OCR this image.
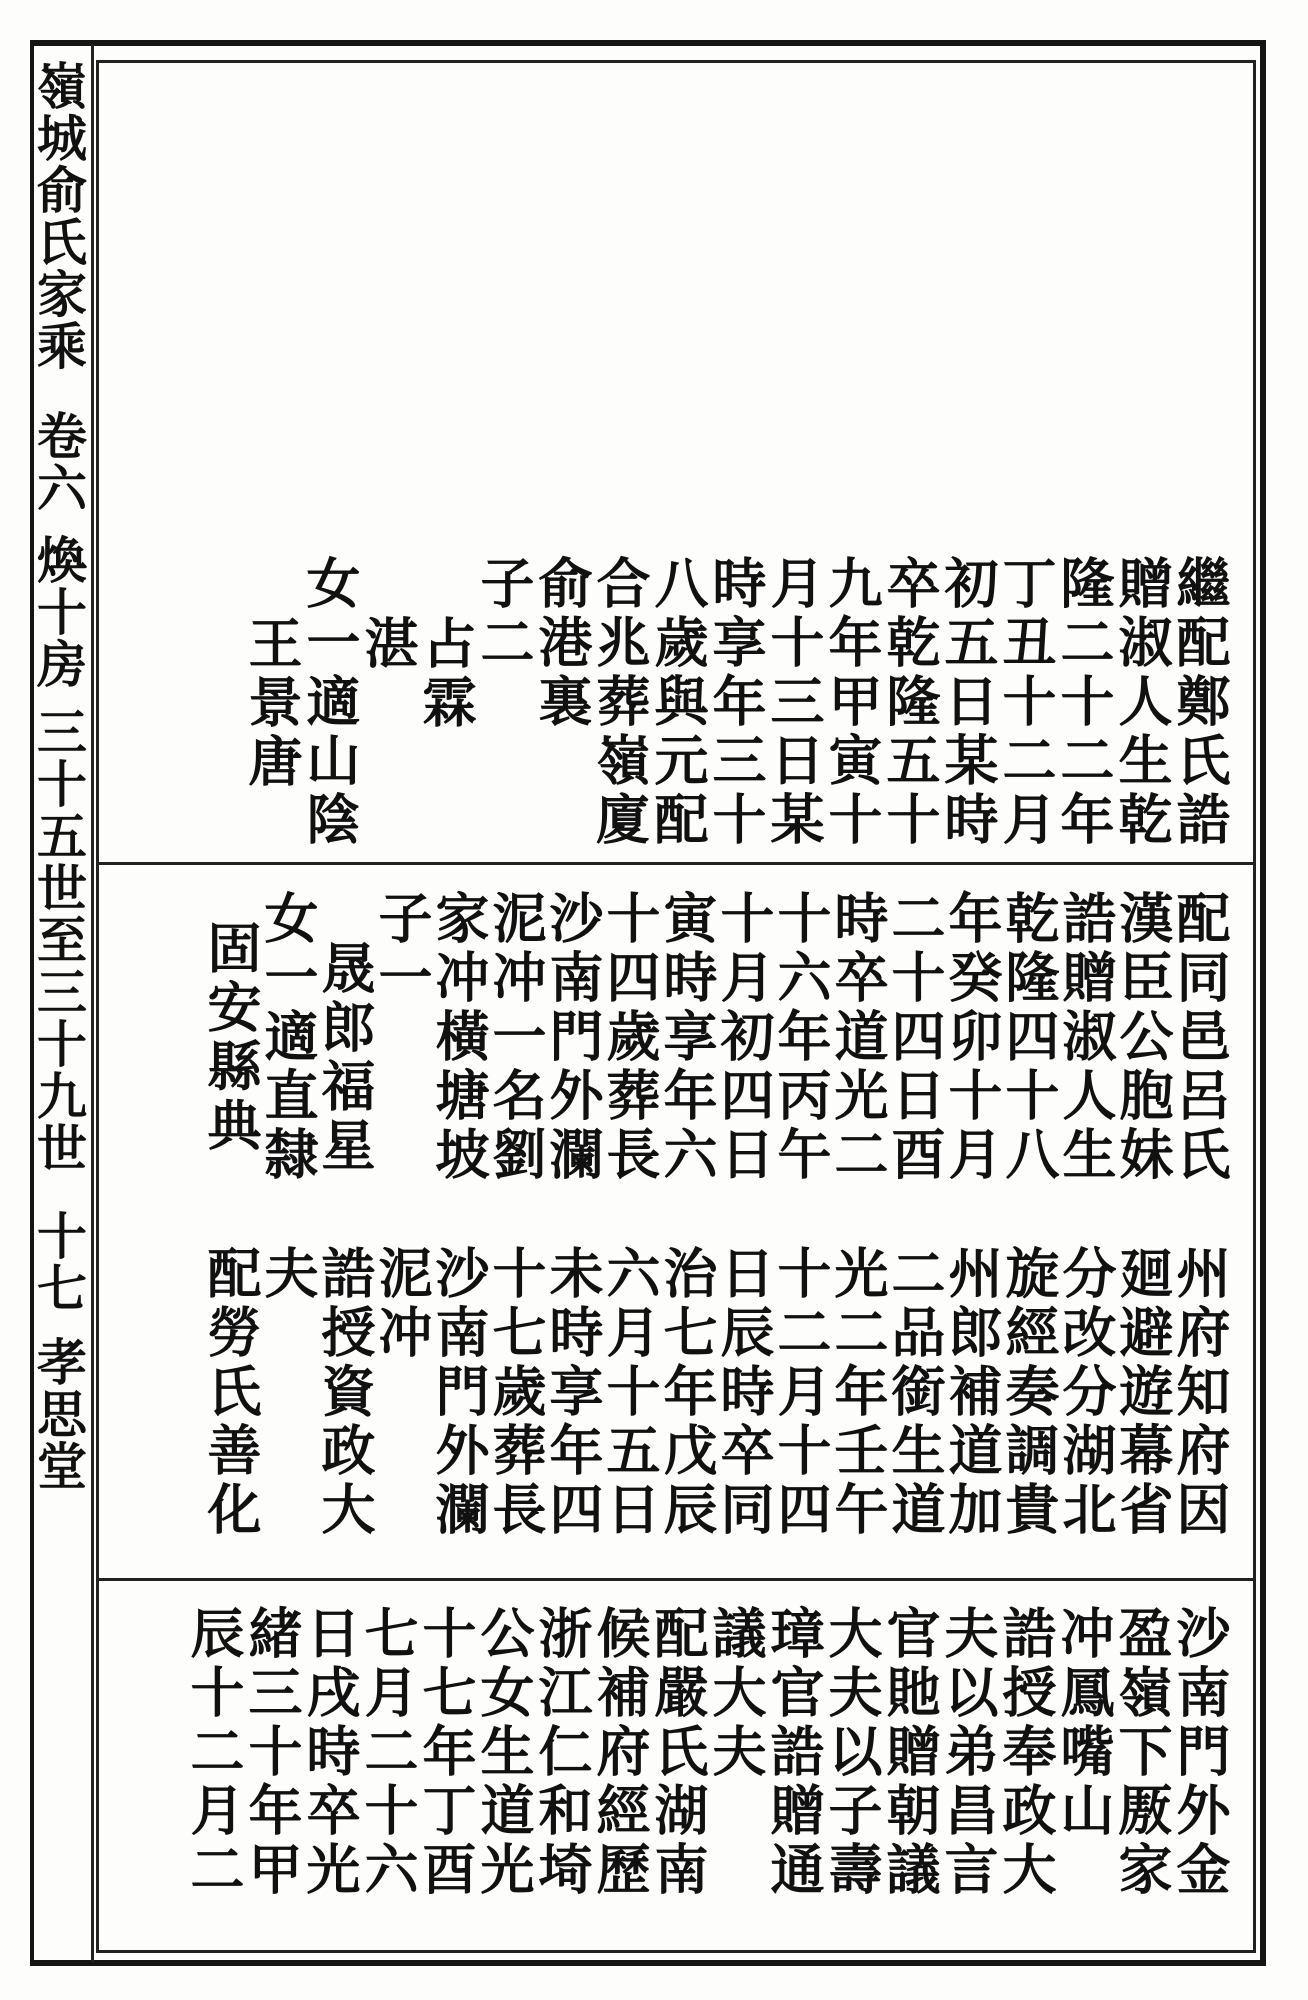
嶺城俞氏家乘
卷六
煥十房
三十五世至三十九世
十七
孝思堂
繼配鄭氏誥
贈淑人生乾
隆二十二年
丁丑十二月
初五日某時
卒乾隆五十
九年甲寅十
月十三日某
時享年三十
八歲與元配
合兆葬嶺廈
俞港裏
子二
占霖
湛
女一適山陰
王景唐
配同邑呂氏
漢臣公胞妹
誥贈淑人生
乾隆四十八
年癸卯十月
二十四日酉
時卒道光二
十六年丙午
十月初四日
寅時享年六
十四歲葬長
沙南門外瀾
泥冲一名劉
家冲橫塘坡
子一
晟郎福星
女一適直隸
固安縣典
州府知府因
廻避遊幕省
分改分湖北
旋經奏調貴
州郎補道加
二品銜生道
光二年壬午
十二月十四
日辰時卒同
治七年戊辰
六月十五日
未時享年四
十七歲葬長
沙南門外瀾
泥冲
誥授資政大
夫
配勞氏善化
沙南門外金
盈嶺下厫家
冲鳳嘴山
誥授奉政大
夫以弟昌言
官貤贈朝議
大夫以子壽
璋官誥贈通
議大夫
配嚴氏湖南
候補府經歷
浙江仁和埼
公女生道光
十七年丁酉
七月二十六
日戌時卒光
緒三十年甲
辰十二月二
